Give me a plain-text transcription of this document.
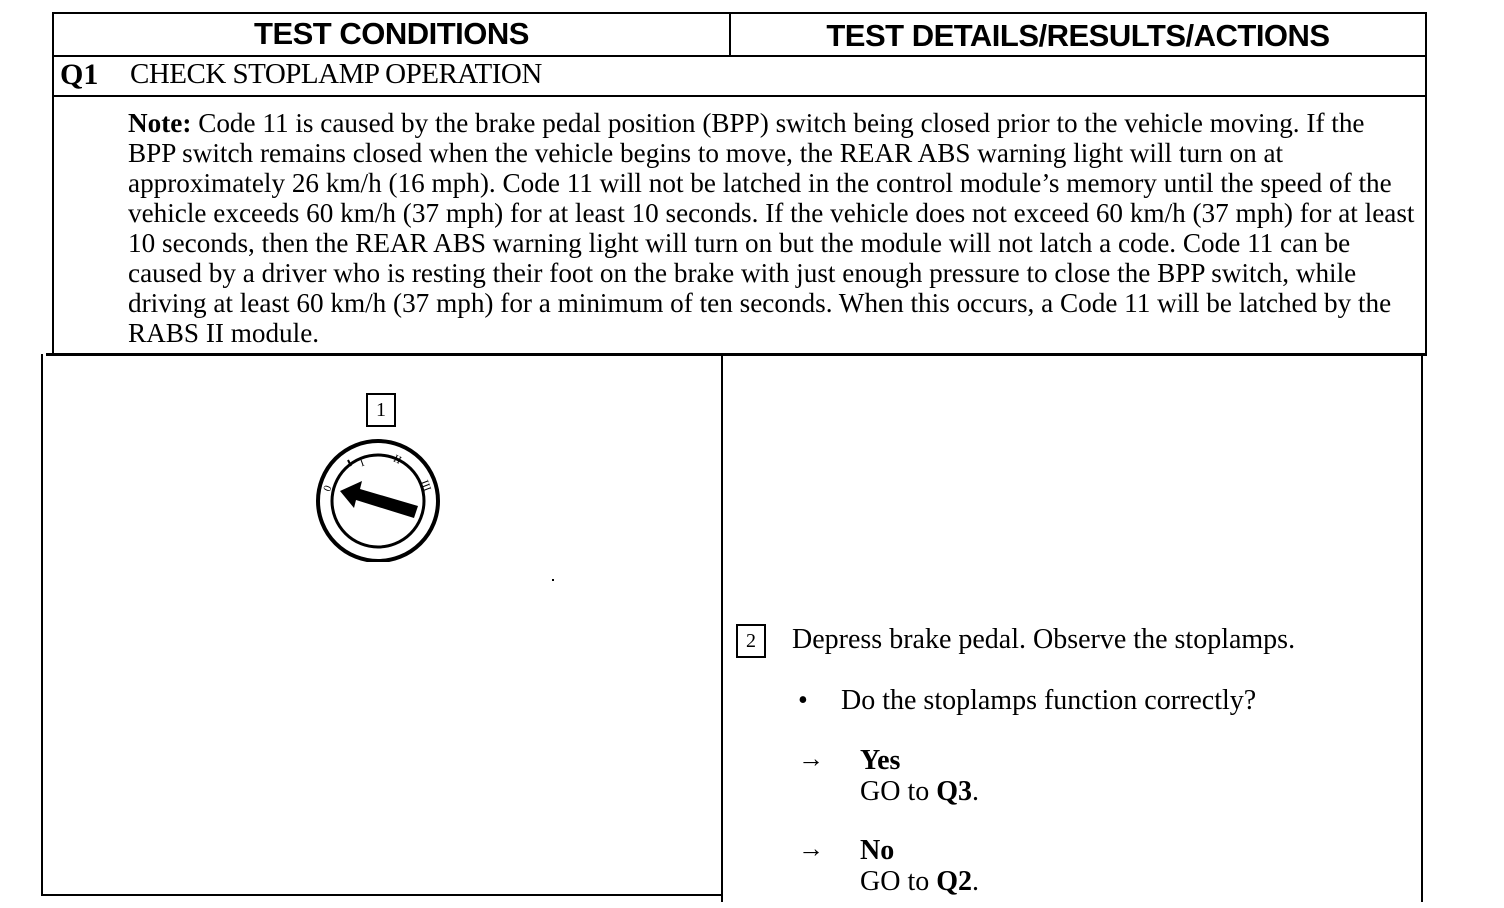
TEST CONDITIONS	TEST DETAILS/RESULTS/ACTIONS
Q1 CHECK STOPLAMP OPERATION
Note: Code 11 is caused by the brake pedal position (BPP) switch being closed prior to the vehicle moving. If the BPP switch remains closed when the vehicle begins to move, the REAR ABS warning light will turn on at approximately 26 km/h (16 mph). Code 11 will not be latched in the control module’s memory until the speed of the vehicle exceeds 60 km/h (37 mph) for at least 10 seconds. If the vehicle does not exceed 60 km/h (37 mph) for at least 10 seconds, then the REAR ABS warning light will turn on but the module will not latch a code. Code 11 can be caused by a driver who is resting their foot on the brake with just enough pressure to close the BPP switch, while driving at least 60 km/h (37 mph) for a minimum of ten seconds. When this occurs, a Code 11 will be latched by the RABS II module.
1
0
I II
III
2	Depress brake pedal. Observe the stoplamps.
• Do the stoplamps function correctly?
→ Yes
GO to Q3.
→ No
GO to Q2.
